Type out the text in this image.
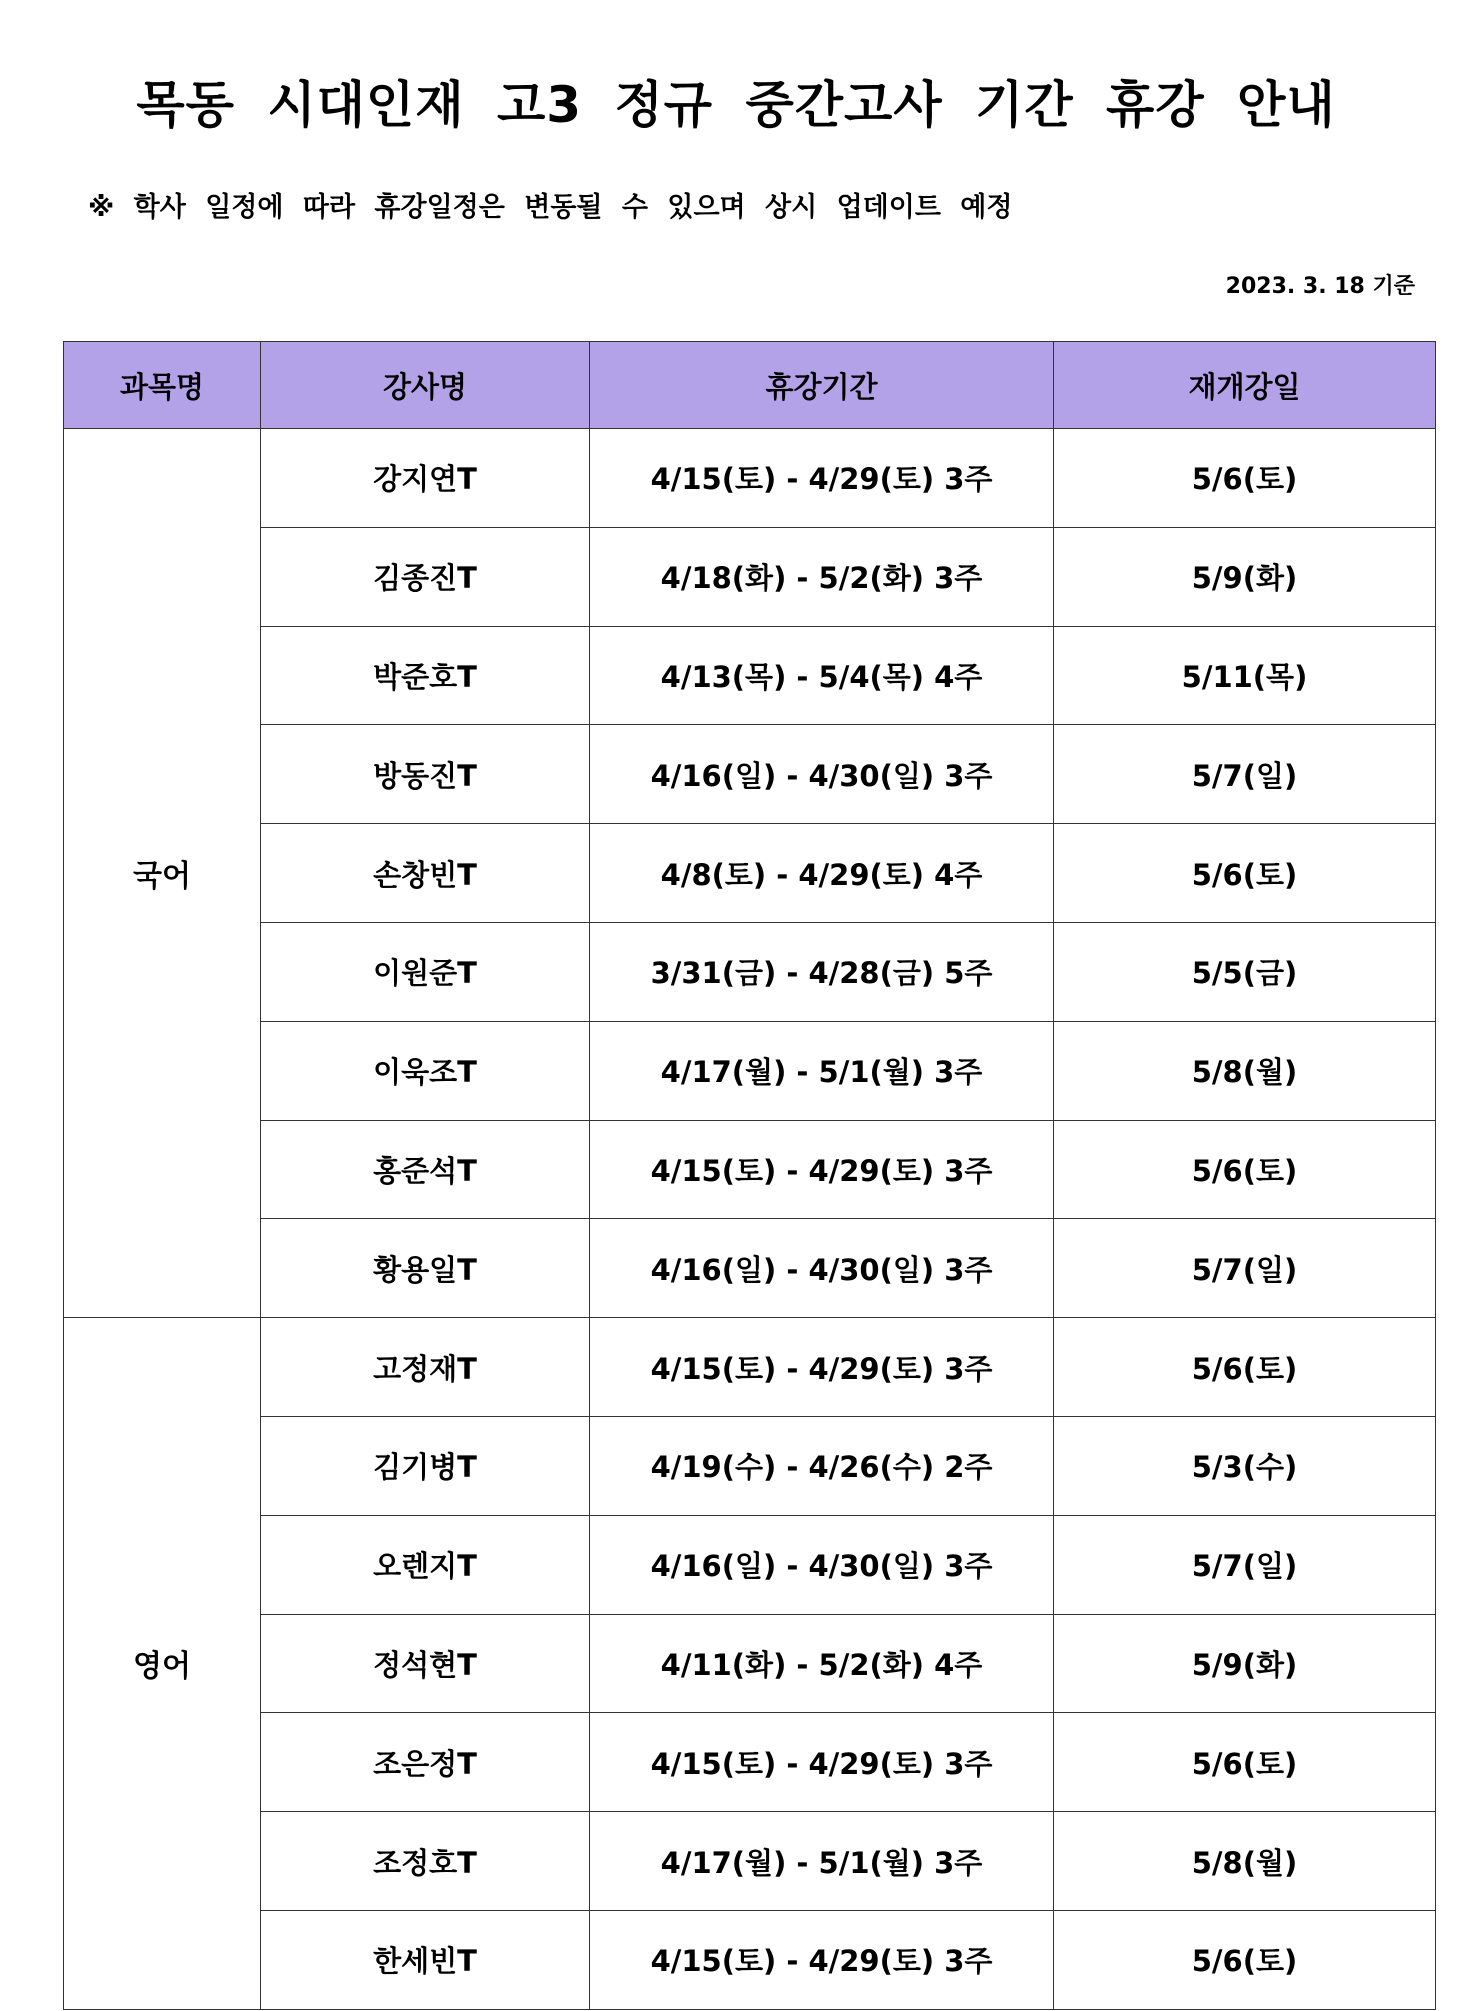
목동 시대인재 고3 정규 중간고사 기간 휴강 안내
※ 학사 일정에 따라 휴강일정은 변동될 수 있으며 상시 업데이트 예정
2023. 3. 18 기준
과목명	강사명	휴강기간	재개강일
국어	강지연T	4/15(토) - 4/29(토) 3주	5/6(토)
	김종진T	4/18(화) - 5/2(화) 3주	5/9(화)
	박준호T	4/13(목) - 5/4(목) 4주	5/11(목)
	방동진T	4/16(일) - 4/30(일) 3주	5/7(일)
	손창빈T	4/8(토) - 4/29(토) 4주	5/6(토)
	이원준T	3/31(금) - 4/28(금) 5주	5/5(금)
	이욱조T	4/17(월) - 5/1(월) 3주	5/8(월)
	홍준석T	4/15(토) - 4/29(토) 3주	5/6(토)
	황용일T	4/16(일) - 4/30(일) 3주	5/7(일)
영어	고정재T	4/15(토) - 4/29(토) 3주	5/6(토)
	김기병T	4/19(수) - 4/26(수) 2주	5/3(수)
	오렌지T	4/16(일) - 4/30(일) 3주	5/7(일)
	정석현T	4/11(화) - 5/2(화) 4주	5/9(화)
	조은정T	4/15(토) - 4/29(토) 3주	5/6(토)
	조정호T	4/17(월) - 5/1(월) 3주	5/8(월)
	한세빈T	4/15(토) - 4/29(토) 3주	5/6(토)
